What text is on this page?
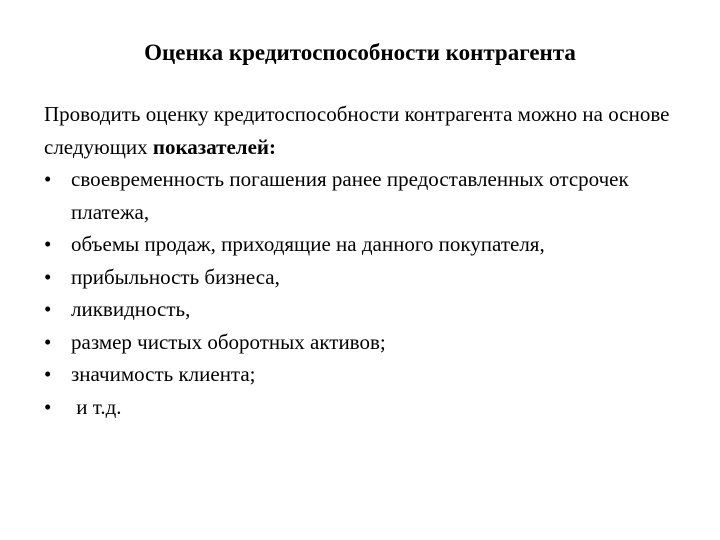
Оценка кредитоспособности контрагента

Проводить оценку кредитоспособности контрагента можно на основе следующих показателей:

• своевременность погашения ранее предоставленных отсрочек платежа,
• объемы продаж, приходящие на данного покупателя,
• прибыльность бизнеса,
• ликвидность,
• размер чистых оборотных активов;
• значимость клиента;
• и т.д.
